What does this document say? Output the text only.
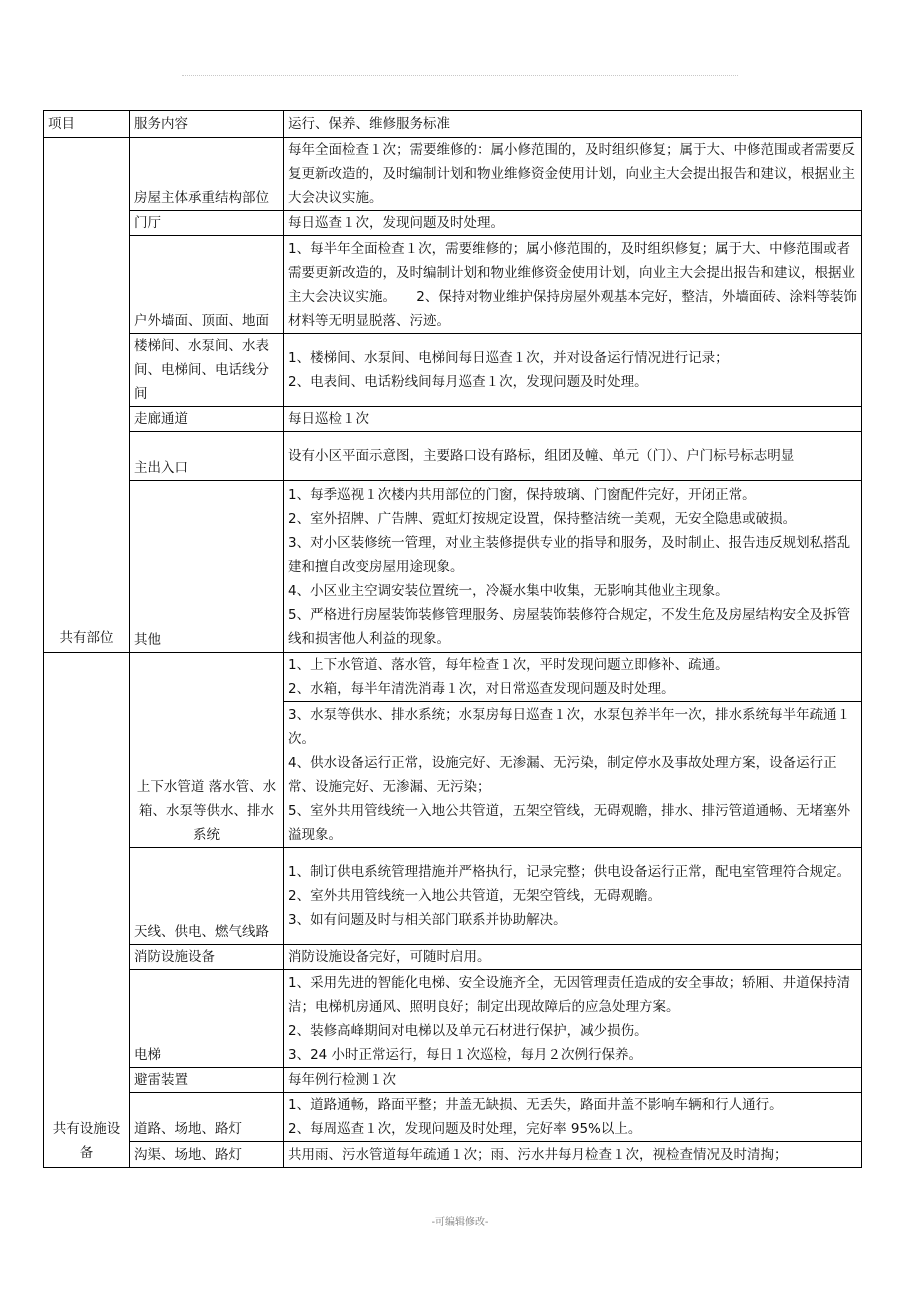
项目	服务内容	运行、保养、维修服务标准
共有部位	房屋主体承重结构部位	每年全面检查１次；需要维修的：属小修范围的，及时组织修复；属于大、中修范围或者需要反复更新改造的，及时编制计划和物业维修资金使用计划，向业主大会提出报告和建议，根据业主大会决议实施。

	门厅	每日巡查１次，发现问题及时处理。

	户外墙面、顶面、地面	1、每半年全面检查１次，需要维修的；属小修范围的，及时组织修复；属于大、中修范围或者需要更新改造的，及时编制计划和物业维修资金使用计划，向业主大会提出报告和建议，根据业主大会决议实施。　　2、保持对物业维护保持房屋外观基本完好，整洁，外墙面砖、涂料等装饰材料等无明显脱落、污迹。

	楼梯间、水泵间、水表间、电梯间、电话线分间	1、楼梯间、水泵间、电梯间每日巡查１次，并对设备运行情况进行记录；
2、电表间、电话粉线间每月巡查１次，发现问题及时处理。

	走廊通道	每日巡检１次

	主出入口	设有小区平面示意图，主要路口设有路标，组团及幢、单元（门）、户门标号标志明显

	其他	1、每季巡视１次楼内共用部位的门窗，保持玻璃、门窗配件完好，开闭正常。
2、室外招牌、广告牌、霓虹灯按规定设置，保持整洁统一美观，无安全隐患或破损。
3、对小区装修统一管理，对业主装修提供专业的指导和服务，及时制止、报告违反规划私搭乱建和擅自改变房屋用途现象。
4、小区业主空调安装位置统一，冷凝水集中收集，无影响其他业主现象。
5、严格进行房屋装饰装修管理服务、房屋装饰装修符合规定，不发生危及房屋结构安全及拆管线和损害他人利益的现象。

共有设施设备	上下水管道 落水管、水箱、水泵等供水、排水系统	1、上下水管道、落水管，每年检查１次，平时发现问题立即修补、疏通。
2、水箱，每半年清洗消毒１次，对日常巡查发现问题及时处理。

		3、水泵等供水、排水系统；水泵房每日巡查１次，水泵包养半年一次，排水系统每半年疏通１次。
4、供水设备运行正常，设施完好、无渗漏、无污染，制定停水及事故处理方案，设备运行正常、设施完好、无渗漏、无污染；
5、室外共用管线统一入地公共管道，五架空管线，无碍观瞻，排水、排污管道通畅、无堵塞外溢现象。

	天线、供电、燃气线路	1、制订供电系统管理措施并严格执行，记录完整；供电设备运行正常，配电室管理符合规定。
2、室外共用管线统一入地公共管道，无架空管线，无碍观瞻。
3、如有问题及时与相关部门联系并协助解决。

	消防设施设备	消防设施设备完好，可随时启用。

	电梯	1、采用先进的智能化电梯、安全设施齐全，无因管理责任造成的安全事故；轿厢、井道保持清洁；电梯机房通风、照明良好；制定出现故障后的应急处理方案。
2、装修高峰期间对电梯以及单元石材进行保护，减少损伤。
3、24 小时正常运行，每日１次巡检，每月２次例行保养。

	避雷装置	每年例行检测１次

	道路、场地、路灯	1、道路通畅，路面平整；井盖无缺损、无丢失，路面井盖不影响车辆和行人通行。
2、每周巡查１次，发现问题及时处理，完好率 95%以上。

	沟渠、场地、路灯	共用雨、污水管道每年疏通１次；雨、污水井每月检查１次，视检查情况及时清掏；
-可编辑修改-
